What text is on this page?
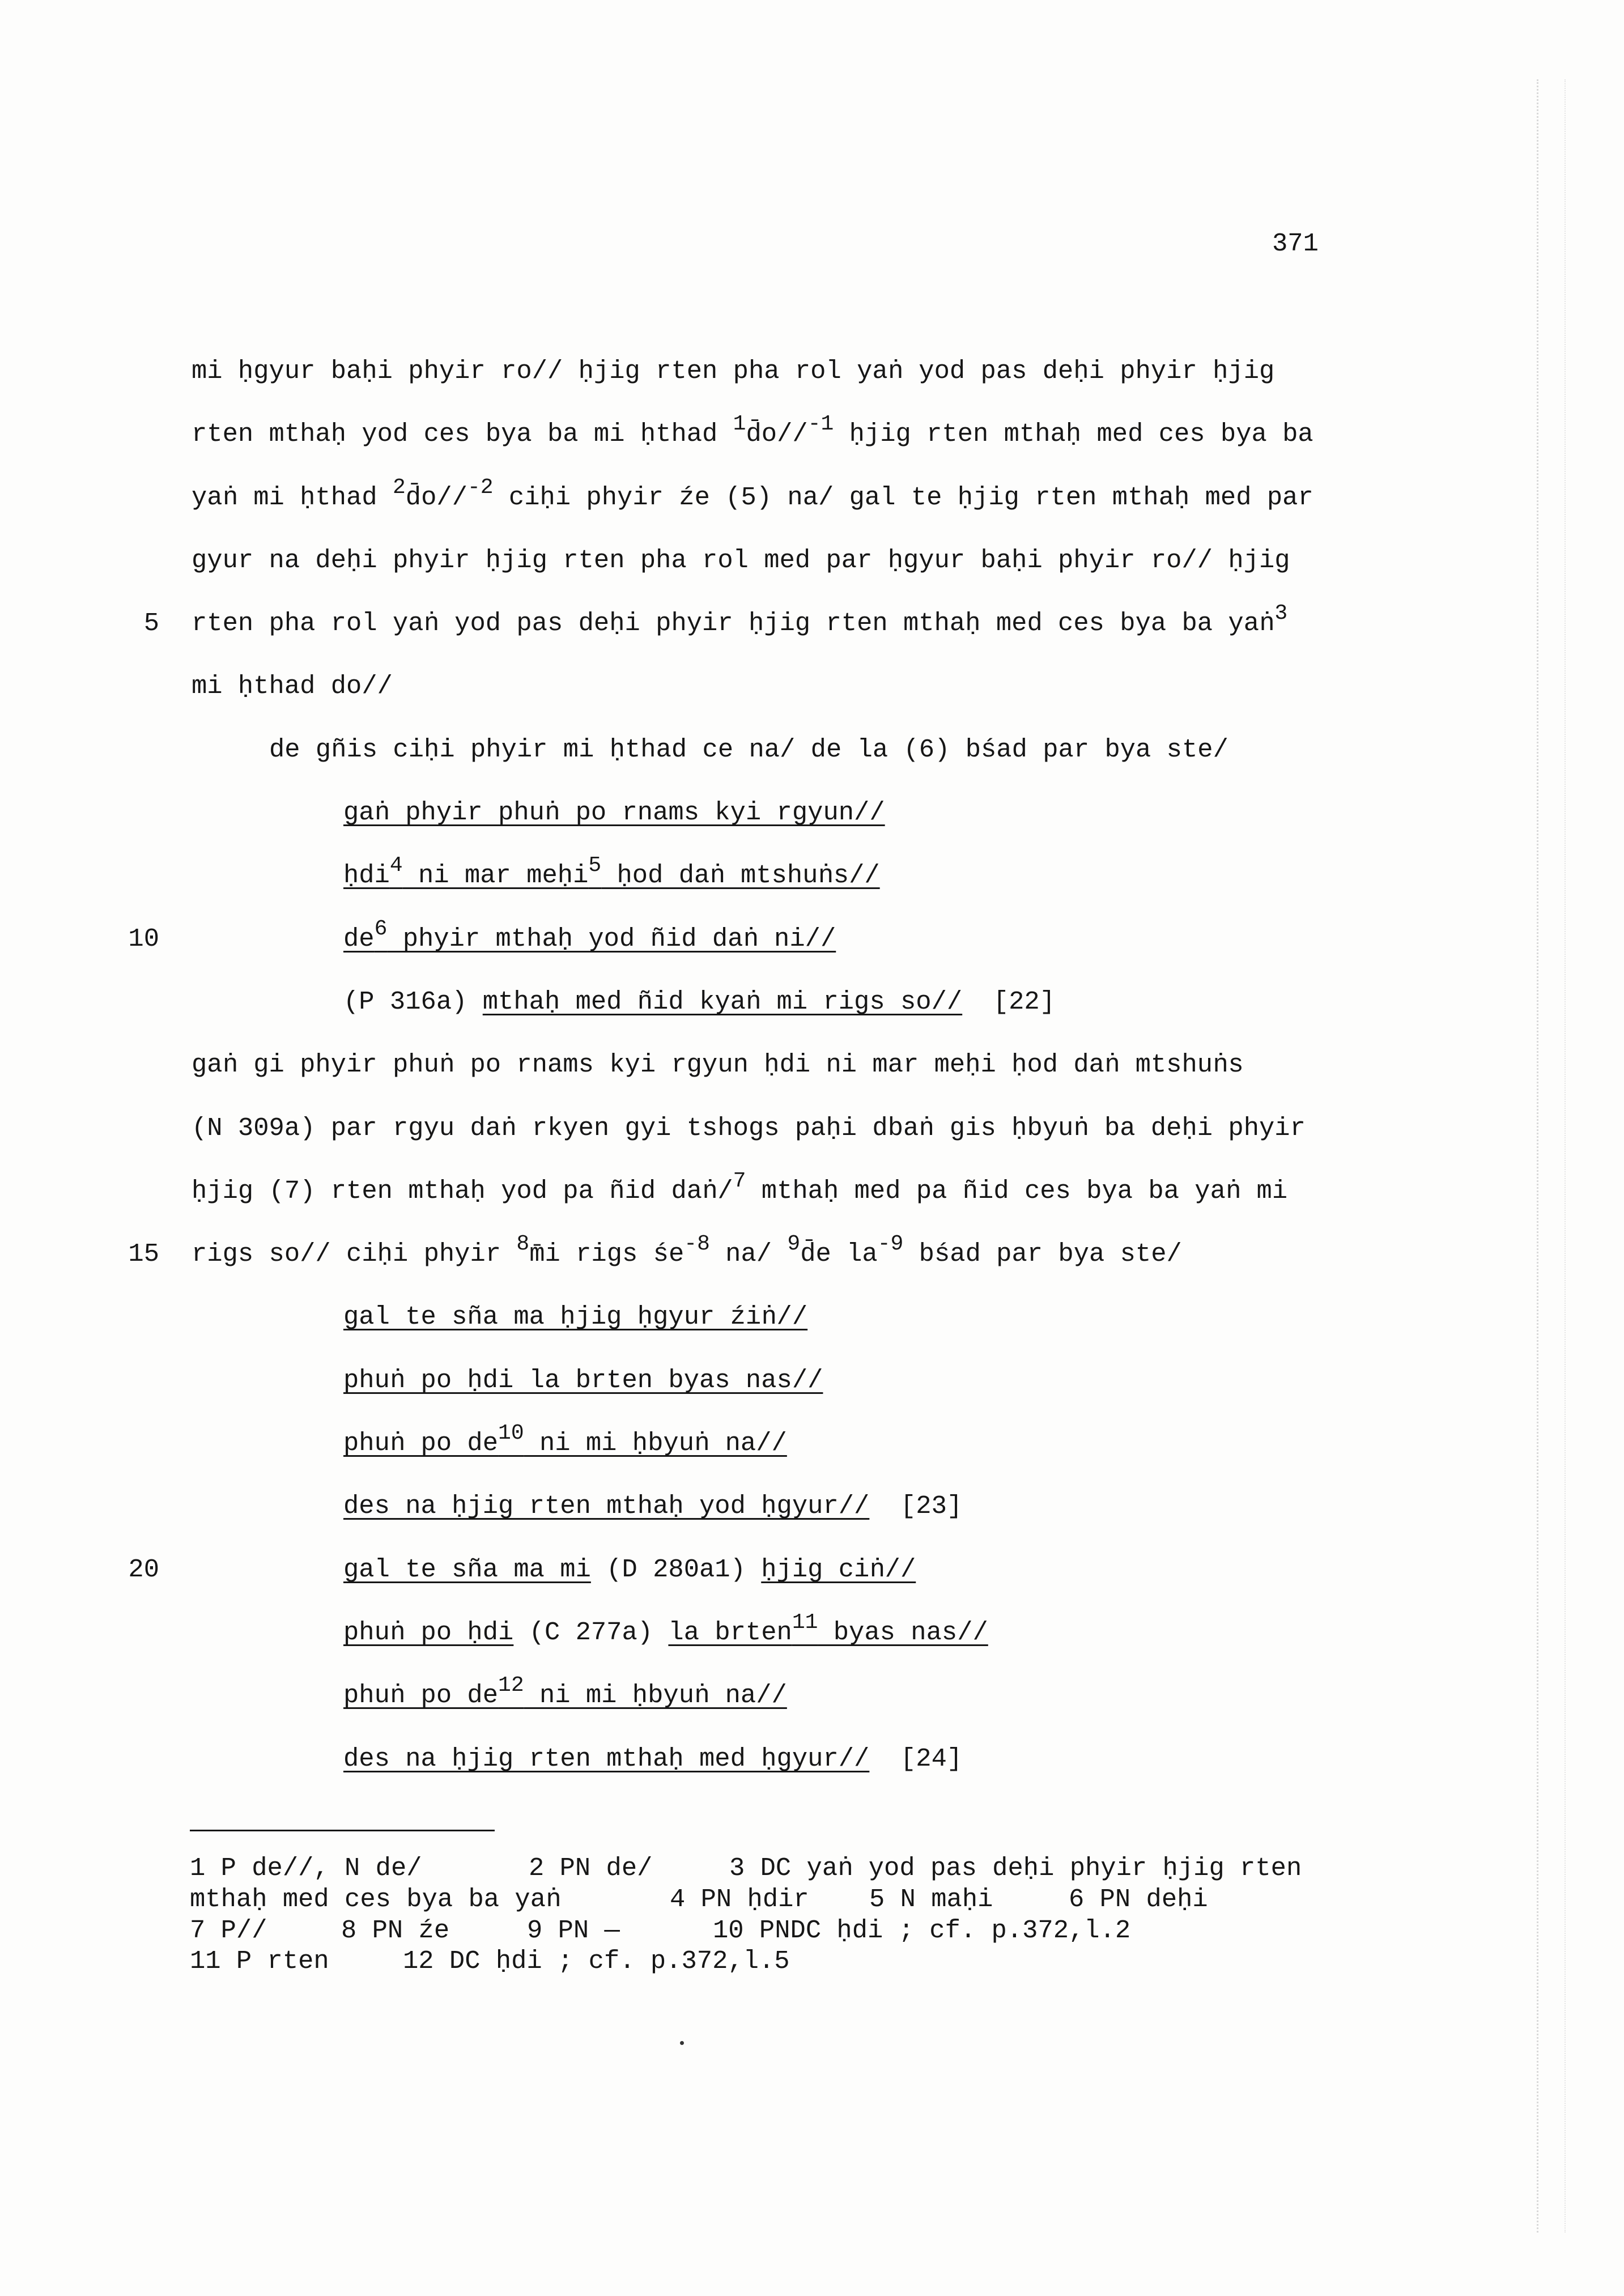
371
mi ḥgyur baḥi phyir ro// ḥjig rten pha rol yaṅ yod pas deḥi phyir ḥjig
rten mthaḥ yod ces bya ba mi ḥthad $^1$d̄o//$^{-1}$ ḥjig rten mthaḥ med ces bya ba
yaṅ mi ḥthad $^2$d̄o//$^{-2}$ ciḥi phyir źe (5) na/ gal te ḥjig rten mthaḥ med par
gyur na deḥi phyir ḥjig rten pha rol med par ḥgyur baḥi phyir ro// ḥjig
5 rten pha rol yaṅ yod pas deḥi phyir ḥjig rten mthaḥ med ces bya ba yaṅ$^3$
mi ḥthad do//
de gñis ciḥi phyir mi ḥthad ce na/ de la (6) bśad par bya ste/
gaṅ phyir phuṅ po rnams kyi rgyun//
ḥdi$^4$ ni mar meḥi$^5$ ḥod daṅ mtshuṅs//
10	$de^6$ phyir mthaḥ yod ñid daṅ ni//
(P 316a) mthaḥ med ñid kyaṅ mi rigs so//  [22]
gaṅ gi phyir phuṅ po rnams kyi rgyun ḥdi ni mar meḥi ḥod daṅ mtshuṅs
(N 309a) par rgyu daṅ rkyen gyi tshogs paḥi dbaṅ gis ḥbyuṅ ba deḥi phyir
ḥjig (7) rten mthaḥ yod pa ñid daṅ/$^7$ mthaḥ med pa ñid ces bya ba yaṅ mi
15 rigs so// ciḥi phyir $^8$m̄i rigs $śe^{-8}$ na/ $^9$d̄e $la^{-9}$ bśad par bya ste/
gal te sña ma ḥjig ḥgyur źiṅ//
phuṅ po ḥdi la brten byas nas//
phuṅ po $de^{10}$ ni mi ḥbyuṅ na//
des na ḥjig rten mthaḥ yod ḥgyur//  [23]
20	gal te sña ma mi (D 280a1) ḥjig ciṅ//
phuṅ po ḥdi (C 277a) la brten$^{11}$ byas nas//
phuṅ po $de^{12}$ ni mi ḥbyuṅ na//
des na ḥjig rten mthaḥ med ḥgyur//  [24]
1 P de//, N de/	2 PN de/	3 DC yaṅ yod pas deḥi phyir ḥjig rten
mthaḥ med ces bya ba yaṅ	4 PN ḥdir 5 N maḥi	6 PN deḥi
7 P//	8 PN źe	9 PN —	10 PNDC ḥdi ; cf. p.372,l.2
11 P rten	12 DC ḥdi ; cf. p.372,l.5
